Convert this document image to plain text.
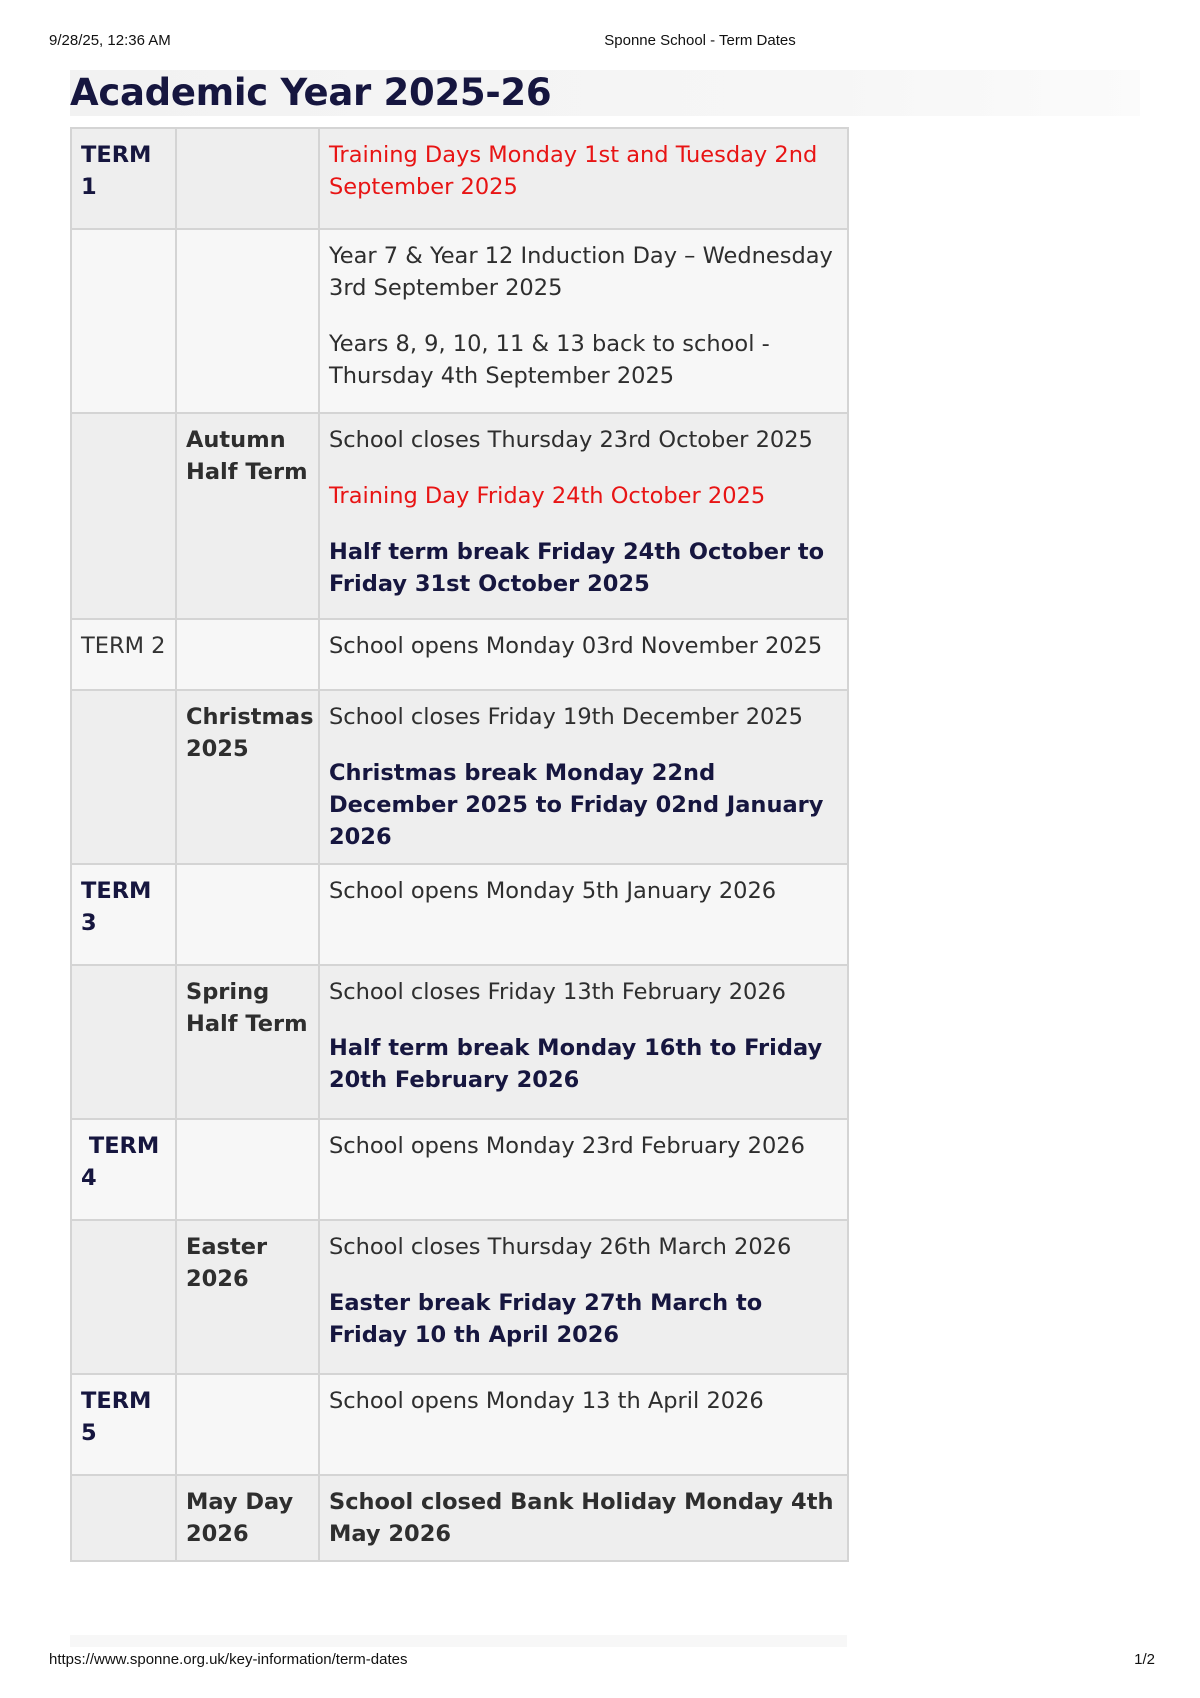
9/28/25, 12:36 AM	Sponne School - Term Dates
Academic Year 2025-26
TERM 1		Training Days Monday 1st and Tuesday 2nd September 2025

		Year 7 & Year 12 Induction Day – Wednesday 3rd September 2025
Years 8, 9, 10, 11 & 13 back to school - Thursday 4th September 2025

	Autumn Half Term	School closes Thursday 23rd October 2025
Training Day Friday 24th October 2025
Half term break Friday 24th October to Friday 31st October 2025

TERM 2		School opens Monday 03rd November 2025

	Christmas 2025	School closes Friday 19th December 2025
Christmas break Monday 22nd December 2025 to Friday 02nd January 2026

TERM 3		School opens Monday 5th January 2026

	Spring Half Term	School closes Friday 13th February 2026
Half term break Monday 16th to Friday 20th February 2026

TERM 4		School opens Monday 23rd February 2026

	Easter 2026	School closes Thursday 26th March 2026
Easter break Friday 27th March to Friday 10 th April 2026

TERM 5		School opens Monday 13 th April 2026

	May Day 2026	School closed Bank Holiday Monday 4th May 2026
https://www.sponne.org.uk/key-information/term-dates	1/2
